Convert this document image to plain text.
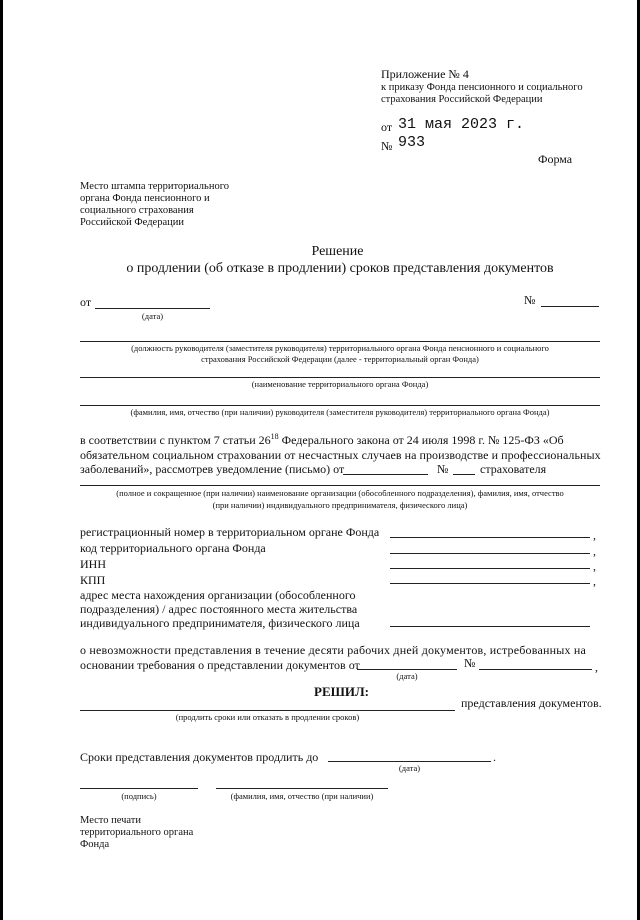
Приложение № 4
к приказу Фонда пенсионного и социального
страхования Российской Федерации
от 31 мая 2023 г.
№ 933
Форма
Место штампа территориального
органа Фонда пенсионного и
социального страхования
Российской Федерации
Решение
о продлении (об отказе в продлении) сроков представления документов
от
(дата)
№
(должность руководителя (заместителя руководителя) территориального органа Фонда пенсионного и социального
страхования Российской Федерации (далее - территориальный орган Фонда)
(наименование территориального органа Фонда)
(фамилия, имя, отчество (при наличии) руководителя (заместителя руководителя) территориального органа Фонда)
в соответствии с пунктом 7 статьи $26^{18}$ Федерального закона от 24 июля 1998 г. № 125-ФЗ «Об
обязательном социальном страховании от несчастных случаев на производстве и профессиональных
заболеваний», рассмотрев уведомление (письмо) от	№	страхователя
(полное и сокращенное (при наличии) наименование организации (обособленного подразделения), фамилия, имя, отчество
(при наличии) индивидуального предпринимателя, физического лица)
регистрационный номер в территориальном органе Фонда	,
код территориального органа Фонда	,
ИНН	,
КПП	,
адрес места нахождения организации (обособленного
подразделения) / адрес постоянного места жительства
индивидуального предпринимателя, физического лица
о невозможности представления в течение десяти рабочих дней документов, истребованных на
основании требования о представлении документов от	№	,
(дата)
РЕШИЛ:
представления документов.
(продлить сроки или отказать в продлении сроков)
Сроки представления документов продлить до	.
(дата)
(подпись)	(фамилия, имя, отчество (при наличии)
Место печати
территориального органа
Фонда
